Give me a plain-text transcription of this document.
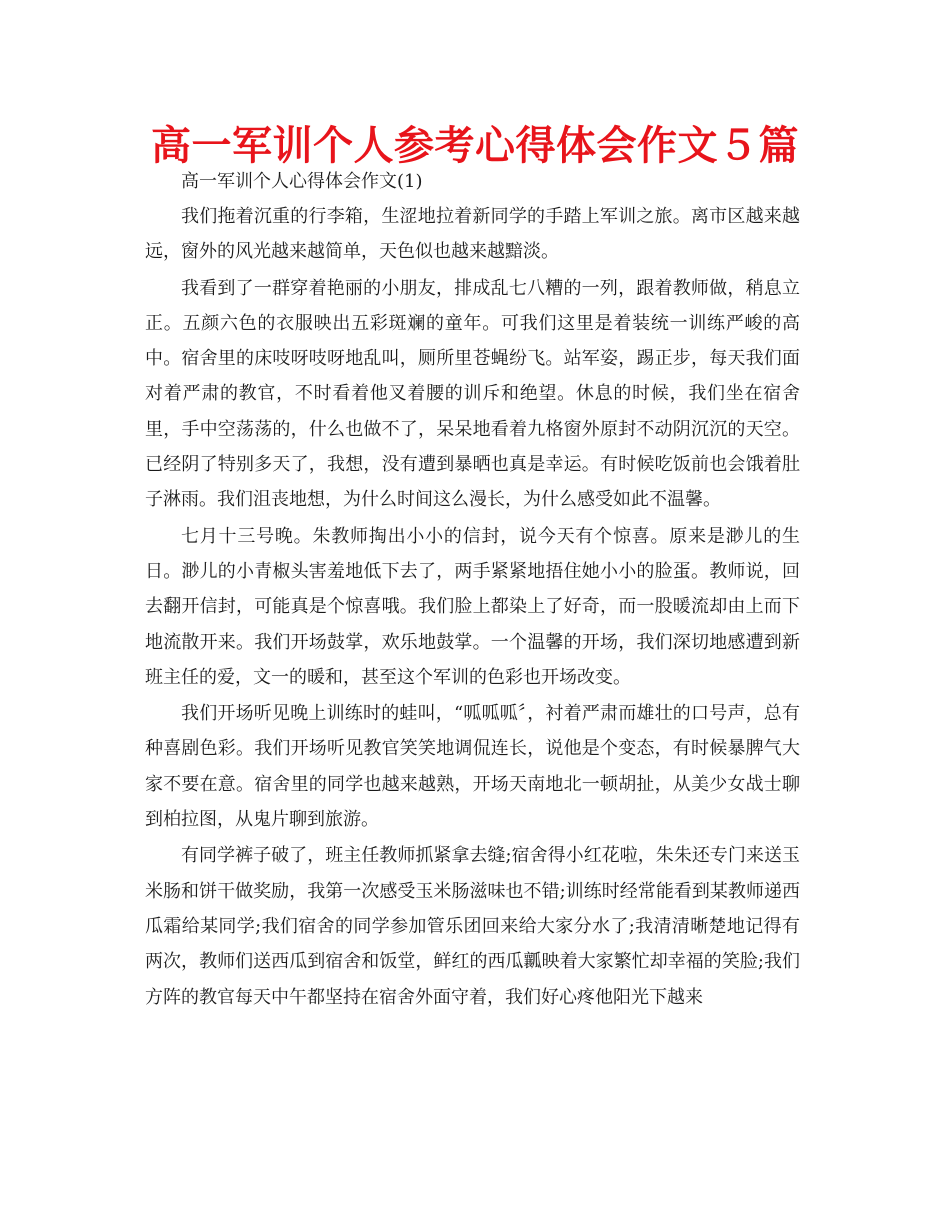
高一军训个人参考心得体会作文５篇

高一军训个人心得体会作文(1)

我们拖着沉重的行李箱，生涩地拉着新同学的手踏上军训之旅。离市区越来越远，窗外的风光越来越简单，天色似也越来越黯淡。

我看到了一群穿着艳丽的小朋友，排成乱七八糟的一列，跟着教师做，稍息立正。五颜六色的衣服映出五彩斑斓的童年。可我们这里是着装统一训练严峻的高中。宿舍里的床吱呀吱呀地乱叫，厕所里苍蝇纷飞。站军姿，踢正步，每天我们面对着严肃的教官，不时看着他叉着腰的训斥和绝望。休息的时候，我们坐在宿舍里，手中空荡荡的，什么也做不了，呆呆地看着九格窗外原封不动阴沉沉的天空。已经阴了特别多天了，我想，没有遭到暴晒也真是幸运。有时候吃饭前也会饿着肚子淋雨。我们沮丧地想，为什么时间这么漫长，为什么感受如此不温馨。

七月十三号晚。朱教师掏出小小的信封，说今天有个惊喜。原来是渺儿的生日。渺儿的小青椒头害羞地低下去了，两手紧紧地捂住她小小的脸蛋。教师说，回去翻开信封，可能真是个惊喜哦。我们脸上都染上了好奇，而一股暖流却由上而下地流散开来。我们开场鼓掌，欢乐地鼓掌。一个温馨的开场，我们深切地感遭到新班主任的爱，文一的暖和，甚至这个军训的色彩也开场改变。

我们开场听见晚上训练时的蛙叫，“呱呱呱〞，衬着严肃而雄壮的口号声，总有种喜剧色彩。我们开场听见教官笑笑地调侃连长，说他是个变态，有时候暴脾气大家不要在意。宿舍里的同学也越来越熟，开场天南地北一顿胡扯，从美少女战士聊到柏拉图，从鬼片聊到旅游。

有同学裤子破了，班主任教师抓紧拿去缝;宿舍得小红花啦，朱朱还专门来送玉米肠和饼干做奖励，我第一次感受玉米肠滋味也不错;训练时经常能看到某教师递西瓜霜给某同学;我们宿舍的同学参加管乐团回来给大家分水了;我清清晰楚地记得有两次，教师们送西瓜到宿舍和饭堂，鲜红的西瓜瓤映着大家繁忙却幸福的笑脸;我们方阵的教官每天中午都坚持在宿舍外面守着，我们好心疼他阳光下越来
